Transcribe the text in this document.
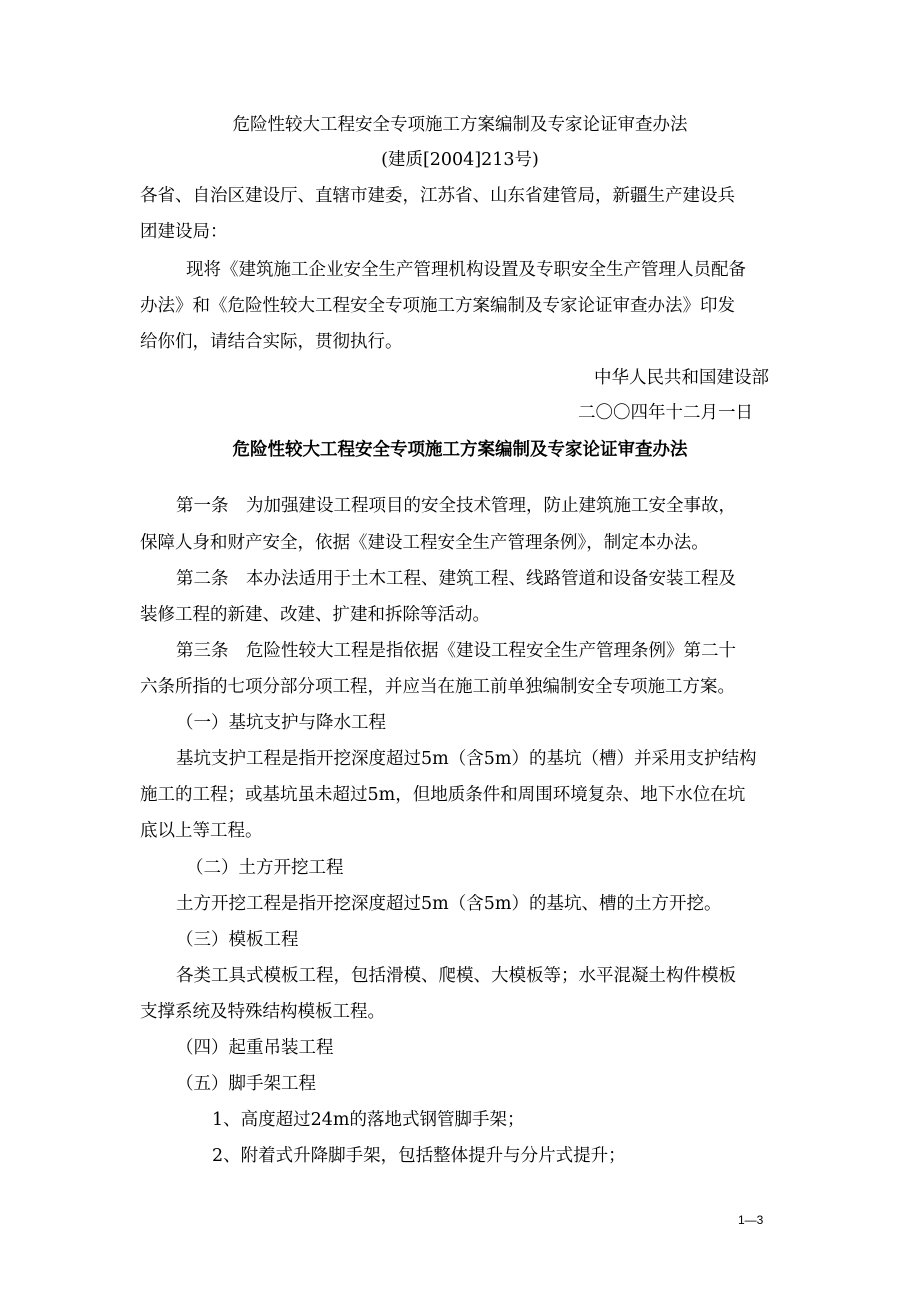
危险性较大工程安全专项施工方案编制及专家论证审查办法
(建质[2004]213号)
各省、自治区建设厅、直辖市建委，江苏省、山东省建管局，新疆生产建设兵
团建设局：
现将《建筑施工企业安全生产管理机构设置及专职安全生产管理人员配备
办法》和《危险性较大工程安全专项施工方案编制及专家论证审查办法》印发
给你们，请结合实际，贯彻执行。
中华人民共和国建设部
二〇〇四年十二月一日
危险性较大工程安全专项施工方案编制及专家论证审查办法
第一条　为加强建设工程项目的安全技术管理，防止建筑施工安全事故，
保障人身和财产安全，依据《建设工程安全生产管理条例》，制定本办法。
第二条　本办法适用于土木工程、建筑工程、线路管道和设备安装工程及
装修工程的新建、改建、扩建和拆除等活动。
第三条　危险性较大工程是指依据《建设工程安全生产管理条例》第二十
六条所指的七项分部分项工程，并应当在施工前单独编制安全专项施工方案。
（一）基坑支护与降水工程
基坑支护工程是指开挖深度超过5m（含5m）的基坑（槽）并采用支护结构
施工的工程；或基坑虽未超过5m，但地质条件和周围环境复杂、地下水位在坑
底以上等工程。
（二）土方开挖工程
土方开挖工程是指开挖深度超过5m（含5m）的基坑、槽的土方开挖。
（三）模板工程
各类工具式模板工程，包括滑模、爬模、大模板等；水平混凝土构件模板
支撑系统及特殊结构模板工程。
（四）起重吊装工程
（五）脚手架工程
1、高度超过24m的落地式钢管脚手架；
2、附着式升降脚手架，包括整体提升与分片式提升；
1—3
